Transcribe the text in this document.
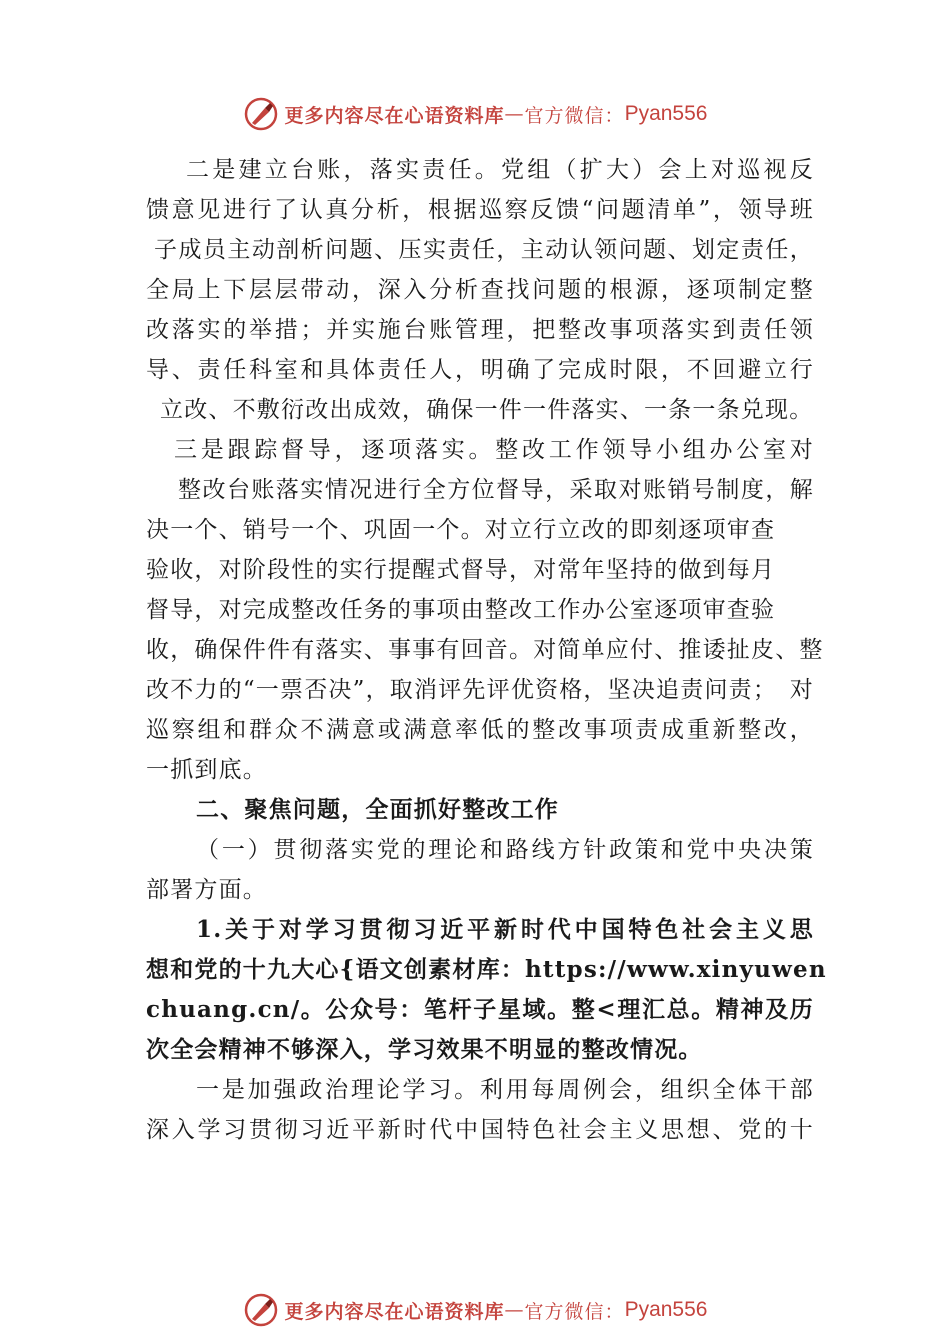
更多内容尽在心语资料库 — 官方微信： Pyan556
二是建立台账，落实责任。党组（扩大）会上对巡视反
馈意见进行了认真分析，根据巡察反馈“问题清单”，领导班
子成员主动剖析问题、压实责任，主动认领问题、划定责任，
全局上下层层带动，深入分析查找问题的根源，逐项制定整
改落实的举措；并实施台账管理，把整改事项落实到责任领
导、责任科室和具体责任人，明确了完成时限，不回避立行
立改、不敷衍改出成效，确保一件一件落实、一条一条兑现。
三是跟踪督导，逐项落实。整改工作领导小组办公室对
整改台账落实情况进行全方位督导，采取对账销号制度，解
决一个、销号一个、巩固一个。对立行立改的即刻逐项审查
验收，对阶段性的实行提醒式督导，对常年坚持的做到每月
督导，对完成整改任务的事项由整改工作办公室逐项审查验
收，确保件件有落实、事事有回音。对简单应付、推诿扯皮、整
改不力的“一票否决”，取消评先评优资格，坚决追责问责；　对
巡察组和群众不满意或满意率低的整改事项责成重新整改，
一抓到底。
二、聚焦问题，全面抓好整改工作
（一）贯彻落实党的理论和路线方针政策和党中央决策
部署方面。
1.关于对学习贯彻习近平新时代中国特色社会主义思
想和党的十九大心{语文创素材库：https://www.xinyuwen
chuang.cn/。公众号：笔杆子星域。整<理汇总。精神及历
次全会精神不够深入，学习效果不明显的整改情况。
一是加强政治理论学习。利用每周例会，组织全体干部
深入学习贯彻习近平新时代中国特色社会主义思想、党的十
更多内容尽在心语资料库 — 官方微信： Pyan556
